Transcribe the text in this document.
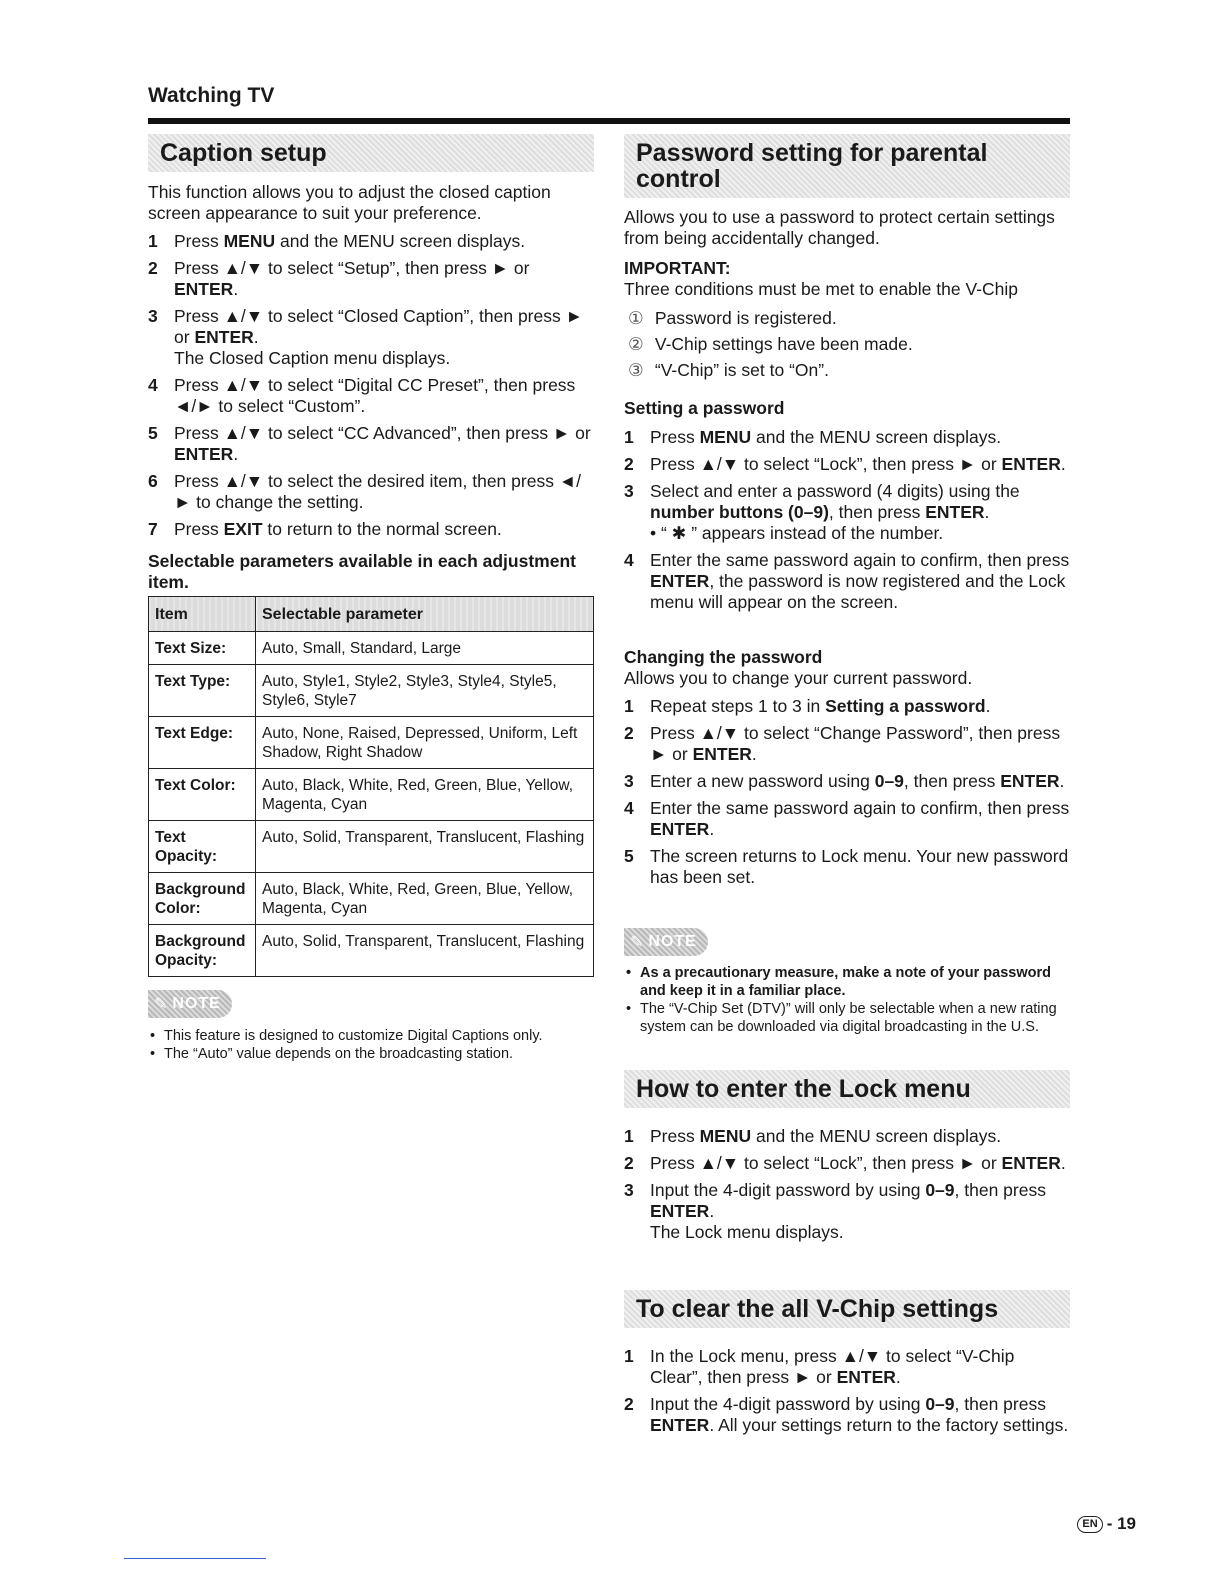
Watching TV
Caption setup
This function allows you to adjust the closed caption screen appearance to suit your preference.
1 Press MENU and the MENU screen displays.
2 Press ▲/▼ to select “Setup”, then press ► or ENTER.
3 Press ▲/▼ to select “Closed Caption”, then press ► or ENTER.
The Closed Caption menu displays.
4 Press ▲/▼ to select “Digital CC Preset”, then press ◄/► to select “Custom”.
5 Press ▲/▼ to select “CC Advanced”, then press ► or ENTER.
6 Press ▲/▼ to select the desired item, then press ◄/► to change the setting.
7 Press EXIT to return to the normal screen.
Selectable parameters available in each adjustment item.
Item	Selectable parameter
Text Size:	Auto, Small, Standard, Large
Text Type:	Auto, Style1, Style2, Style3, Style4, Style5, Style6, Style7
Text Edge:	Auto, None, Raised, Depressed, Uniform, Left Shadow, Right Shadow
Text Color:	Auto, Black, White, Red, Green, Blue, Yellow, Magenta, Cyan
Text Opacity:	Auto, Solid, Transparent, Translucent, Flashing
Background Color:	Auto, Black, White, Red, Green, Blue, Yellow, Magenta, Cyan
Background Opacity:	Auto, Solid, Transparent, Translucent, Flashing
✎ NOTE
• This feature is designed to customize Digital Captions only.
• The “Auto” value depends on the broadcasting station.
Password setting for parental control
Allows you to use a password to protect certain settings from being accidentally changed.
IMPORTANT:
Three conditions must be met to enable the V-Chip
① Password is registered.
② V-Chip settings have been made.
③ “V-Chip” is set to “On”.
Setting a password
1 Press MENU and the MENU screen displays.
2 Press ▲/▼ to select “Lock”, then press ► or ENTER.
3 Select and enter a password (4 digits) using the number buttons (0–9), then press ENTER.
• “ ✱ ” appears instead of the number.
4 Enter the same password again to confirm, then press ENTER, the password is now registered and the Lock menu will appear on the screen.
Changing the password
Allows you to change your current password.
1 Repeat steps 1 to 3 in Setting a password.
2 Press ▲/▼ to select “Change Password”, then press ► or ENTER.
3 Enter a new password using 0–9, then press ENTER.
4 Enter the same password again to confirm, then press ENTER.
5 The screen returns to Lock menu. Your new password has been set.
✎ NOTE
• As a precautionary measure, make a note of your password and keep it in a familiar place.
• The “V-Chip Set (DTV)” will only be selectable when a new rating system can be downloaded via digital broadcasting in the U.S.
How to enter the Lock menu
1 Press MENU and the MENU screen displays.
2 Press ▲/▼ to select “Lock”, then press ► or ENTER.
3 Input the 4-digit password by using 0–9, then press ENTER.
The Lock menu displays.
To clear the all V-Chip settings
1 In the Lock menu, press ▲/▼ to select “V-Chip Clear”, then press ► or ENTER.
2 Input the 4-digit password by using 0–9, then press ENTER. All your settings return to the factory settings.
EN - 19
